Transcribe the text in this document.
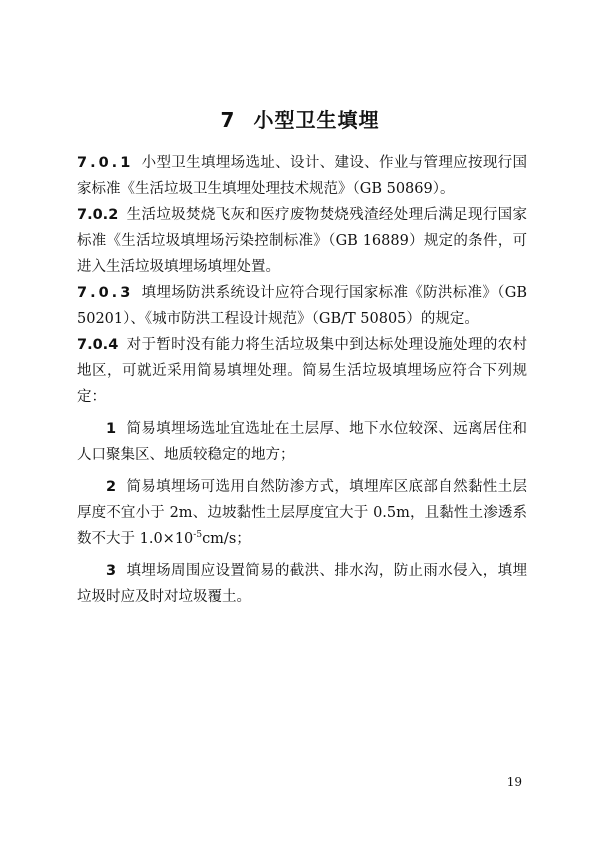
7 小型卫生填埋

7.0.1 小型卫生填埋场选址、设计、建设、作业与管理应按现行国家标准《生活垃圾卫生填埋处理技术规范》（GB 50869）。

7.0.2 生活垃圾焚烧飞灰和医疗废物焚烧残渣经处理后满足现行国家标准《生活垃圾填埋场污染控制标准》（GB 16889）规定的条件，可进入生活垃圾填埋场填埋处置。

7.0.3 填埋场防洪系统设计应符合现行国家标准《防洪标准》（GB 50201）、《城市防洪工程设计规范》（GB/T 50805）的规定。

7.0.4 对于暂时没有能力将生活垃圾集中到达标处理设施处理的农村地区，可就近采用简易填埋处理。简易生活垃圾填埋场应符合下列规定：

1 简易填埋场选址宜选址在土层厚、地下水位较深、远离居住和人口聚集区、地质较稳定的地方；

2 简易填埋场可选用自然防渗方式，填埋库区底部自然黏性土层厚度不宜小于 2m、边坡黏性土层厚度宜大于 0.5m，且黏性土渗透系数不大于 $1.0\times 10^{-5}cm/s$；

3 填埋场周围应设置简易的截洪、排水沟，防止雨水侵入，填埋垃圾时应及时对垃圾覆土。

19
